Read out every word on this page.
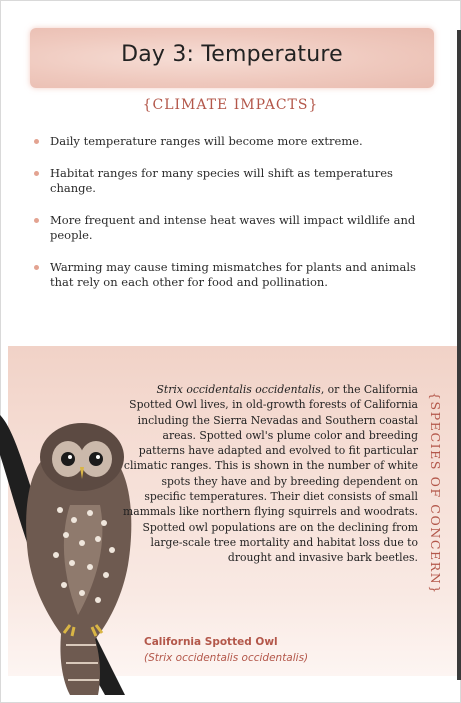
Day 3: Temperature
{CLIMATE IMPACTS}
Daily temperature ranges will become more extreme.
Habitat ranges for many species will shift as temperatures change.
More frequent and intense heat waves will impact wildlife and people.
Warming may cause timing mismatches for plants and animals that rely on each other for food and pollination.
Strix occidentalis occidentalis, or the California Spotted Owl lives, in old-growth forests of California including the Sierra Nevadas and Southern coastal areas. Spotted owl's plume color and breeding patterns have adapted and evolved to fit particular climatic ranges. This is shown in the number of white spots they have and by breeding dependent on specific temperatures. Their diet consists of small mammals like northern flying squirrels and woodrats. Spotted owl populations are on the declining from large-scale tree mortality and habitat loss due to drought and invasive bark beetles. {SPECIES OF CONCERN}
California Spotted Owl
(Strix occidentalis occidentalis)
